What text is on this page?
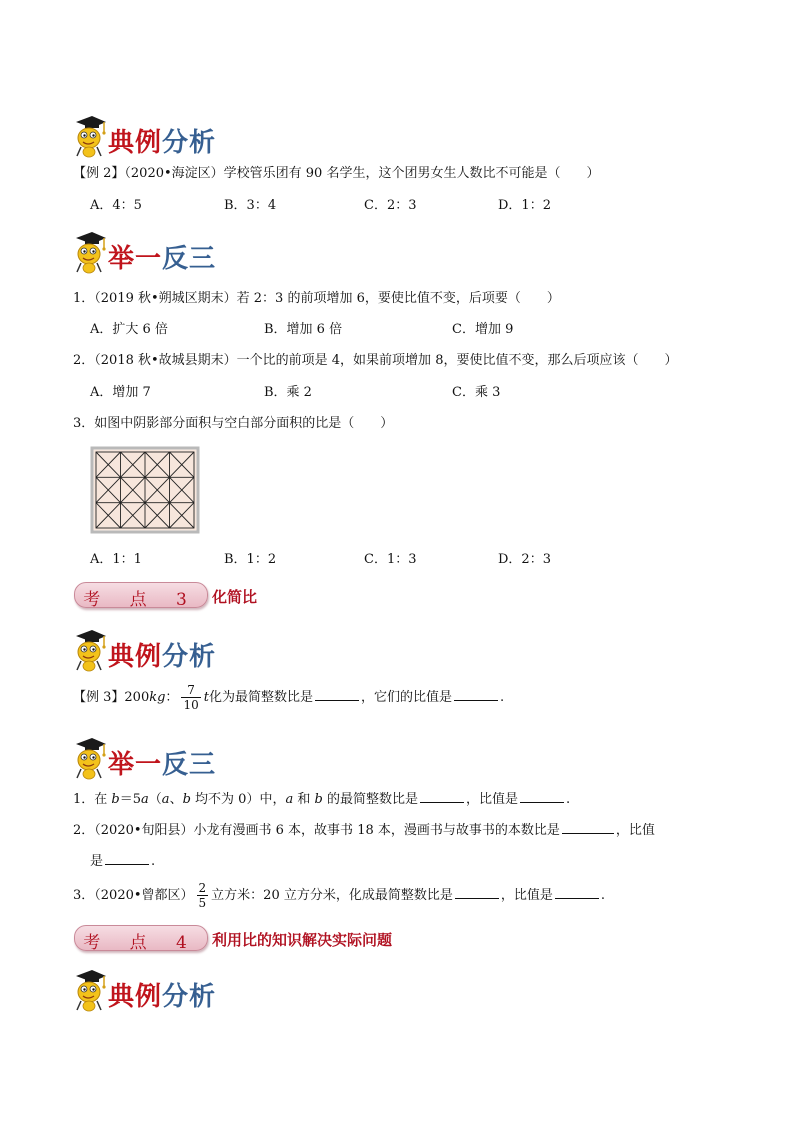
典例分析
【例 2】（2020•海淀区）学校管乐团有 90 名学生，这个团男女生人数比不可能是（　　）
A．4：5	B．3：4	C．2：3	D．1：2
举一反三
1．（2019 秋•朔城区期末）若 2：3 的前项增加 6，要使比值不变，后项要（　　）
A．扩大 6 倍	B．增加 6 倍	C．增加 9
2．（2018 秋•故城县期末）一个比的前项是 4，如果前项增加 8，要使比值不变，那么后项应该（　　）
A．增加 7	B．乘 2	C．乘 3
3．如图中阴影部分面积与空白部分面积的比是（　　）
A．1：1	B．1：2	C．1：3	D．2：3
考 点 3 化简比
典例分析
【例 3】200kg： $\frac{7}{10}$ t化为最简整数比是	，它们的比值是	.
举一反三
1．在 b＝5a（a、b 均不为 0）中，a 和 b 的最简整数比是	，比值是	.
2．（2020•旬阳县）小龙有漫画书 6 本，故事书 18 本，漫画书与故事书的本数比是	，比值
是	.
3．（2020•曾都区） $\frac{2}{5}$ 立方米：20 立方分米，化成最简整数比是	，比值是	.
考 点 4 利用比的知识解决实际问题
典例分析
